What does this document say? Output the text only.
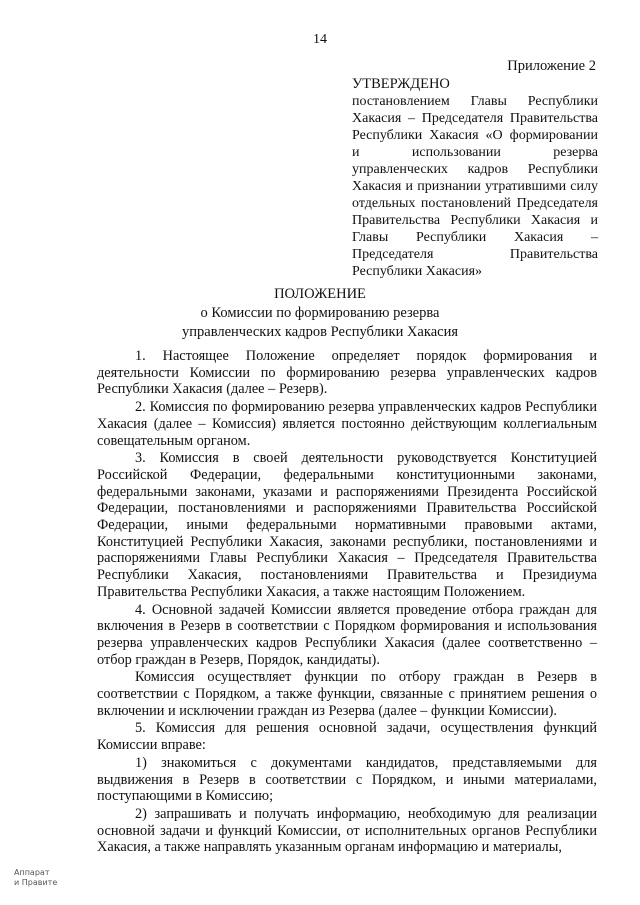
14
Приложение 2
УТВЕРЖДЕНО
постановлением Главы Республики Хакасия – Председателя Правительства Республики Хакасия «О формировании и использовании резерва управленческих кадров Республики Хакасия и признании утратившими силу отдельных постановлений Председателя Правительства Республики Хакасия и Главы Республики Хакасия – Председателя Правительства Республики Хакасия»
ПОЛОЖЕНИЕ
о Комиссии по формированию резерва
управленческих кадров Республики Хакасия

1. Настоящее Положение определяет порядок формирования и деятельности Комиссии по формированию резерва управленческих кадров Республики Хакасия (далее – Резерв).

2. Комиссия по формированию резерва управленческих кадров Республики Хакасия (далее – Комиссия) является постоянно действующим коллегиальным совещательным органом.

3. Комиссия в своей деятельности руководствуется Конституцией Российской Федерации, федеральными конституционными законами, федеральными законами, указами и распоряжениями Президента Российской Федерации, постановлениями и распоряжениями Правительства Российской Федерации, иными федеральными нормативными правовыми актами, Конституцией Республики Хакасия, законами республики, постановлениями и распоряжениями Главы Республики Хакасия – Председателя Правительства Республики Хакасия, постановлениями Правительства и Президиума Правительства Республики Хакасия, а также настоящим Положением.

4. Основной задачей Комиссии является проведение отбора граждан для включения в Резерв в соответствии с Порядком формирования и использования резерва управленческих кадров Республики Хакасия (далее соответственно – отбор граждан в Резерв, Порядок, кандидаты).

Комиссия осуществляет функции по отбору граждан в Резерв в соответствии с Порядком, а также функции, связанные с принятием решения о включении и исключении граждан из Резерва (далее – функции Комиссии).

5. Комиссия для решения основной задачи, осуществления функций Комиссии вправе:

1) знакомиться с документами кандидатов, представляемыми для выдвижения в Резерв в соответствии с Порядком, и иными материалами, поступающими в Комиссию;

2) запрашивать и получать информацию, необходимую для реализации основной задачи и функций Комиссии, от исполнительных органов Республики Хакасия, а также направлять указанным органам информацию и материалы,

Аппарат
и Правите
